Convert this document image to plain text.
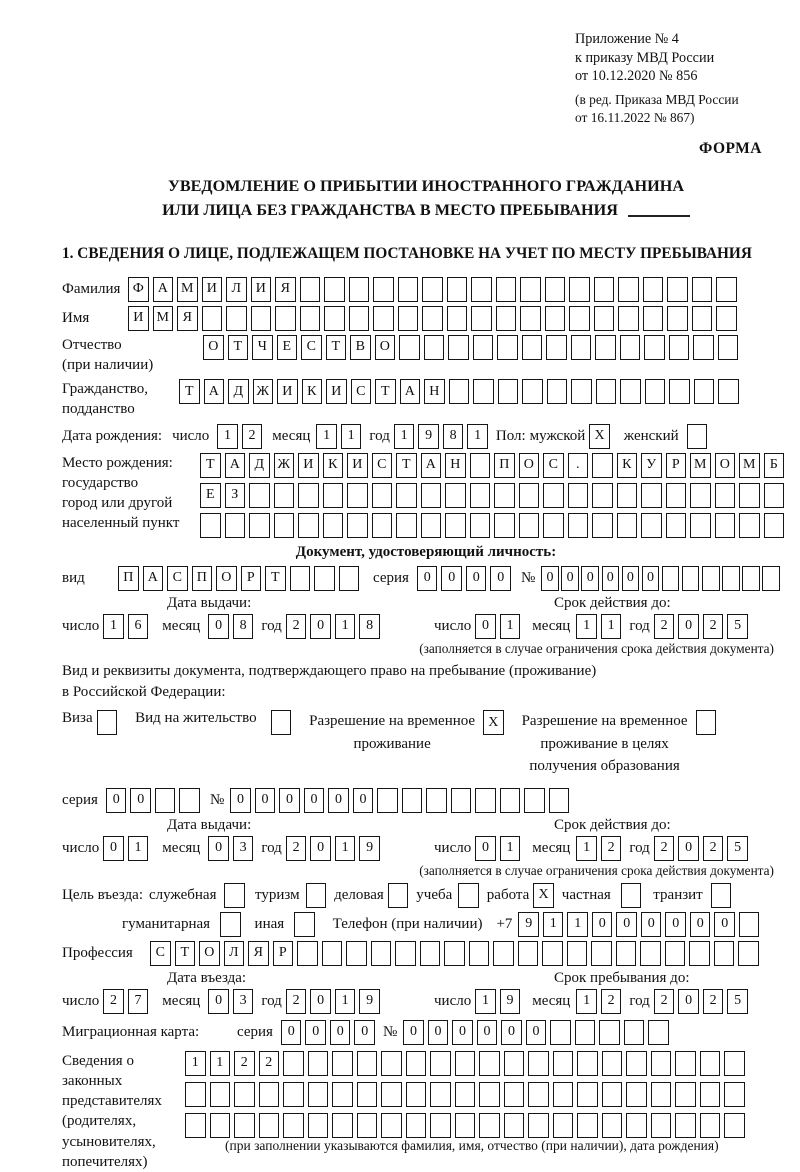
Приложение № 4
к приказу МВД России
от 10.12.2020 № 856
(в ред. Приказа МВД России
от 16.11.2022 № 867)
ФОРМА
УВЕДОМЛЕНИЕ О ПРИБЫТИИ ИНОСТРАННОГО ГРАЖДАНИНА
ИЛИ ЛИЦА БЕЗ ГРАЖДАНСТВА В МЕСТО ПРЕБЫВАНИЯ
1. СВЕДЕНИЯ О ЛИЦЕ, ПОДЛЕЖАЩЕМ ПОСТАНОВКЕ НА УЧЕТ ПО МЕСТУ ПРЕБЫВАНИЯ
Фамилия Ф А М И	Л	И	Я
Имя	И М Я
Отчество
(при наличии)
О	Т	Ч	Е	С	Т	В	О
Гражданство,
подданство
Т	А	Д Ж И	К	И	С	Т	А	Н
Дата рождения: число	1	2	месяц 1	1 год 1	9	8	1 Пол: мужской X	женский
Место рождения:
государство
город или другой
населенный пункт
Т	А	Д Ж И	К	И	С	Т	А	Н	П	О	С	.	К	У	Р	М О М	Б
Е	З
Документ, удостоверяющий личность:
вид	П	А	С	П	О	Р	Т	серия	0	0	0	0	№ 0 0 0 0 0 0
Дата выдачи:
число 1	6	месяц	0	8 год 2	0	1	8
Срок действия до:
число 0	1	месяц 1	1 год 2	0	2	5
(заполняется в случае ограничения срока действия документа)
Вид и реквизиты документа, подтверждающего право на пребывание (проживание)
в Российской Федерации:
Виза	Вид на жительство	Разрешение на временное
проживание
X	Разрешение на временное
проживание в целях
получения образования
серия	0	0	№ 0	0	0	0	0	0
Дата выдачи:
число 0	1	месяц	0	3 год 2	0	1	9
Срок действия до:
число 0	1	месяц 1	2 год 2	0	2	5
(заполняется в случае ограничения срока действия документа)
Цель въезда: служебная	туризм деловая учеба работа X частная	транзит
гуманитарная	иная	Телефон (при наличии) +7 9	1	1	0	0	0	0	0	0
Профессия	С	Т	О	Л	Я	Р
Дата въезда:
число 2	7	месяц	0	3 год 2	0	1	9
Срок пребывания до:
число 1	9	месяц 1	2 год 2	0	2	5
Миграционная карта:	серия	0	0	0	0 № 0	0	0	0	0	0
Сведения о
законных
представителях
(родителях,
усыновителях,
попечителях)
1	1	2	2
(при заполнении указываются фамилия, имя, отчество (при наличии), дата рождения)
